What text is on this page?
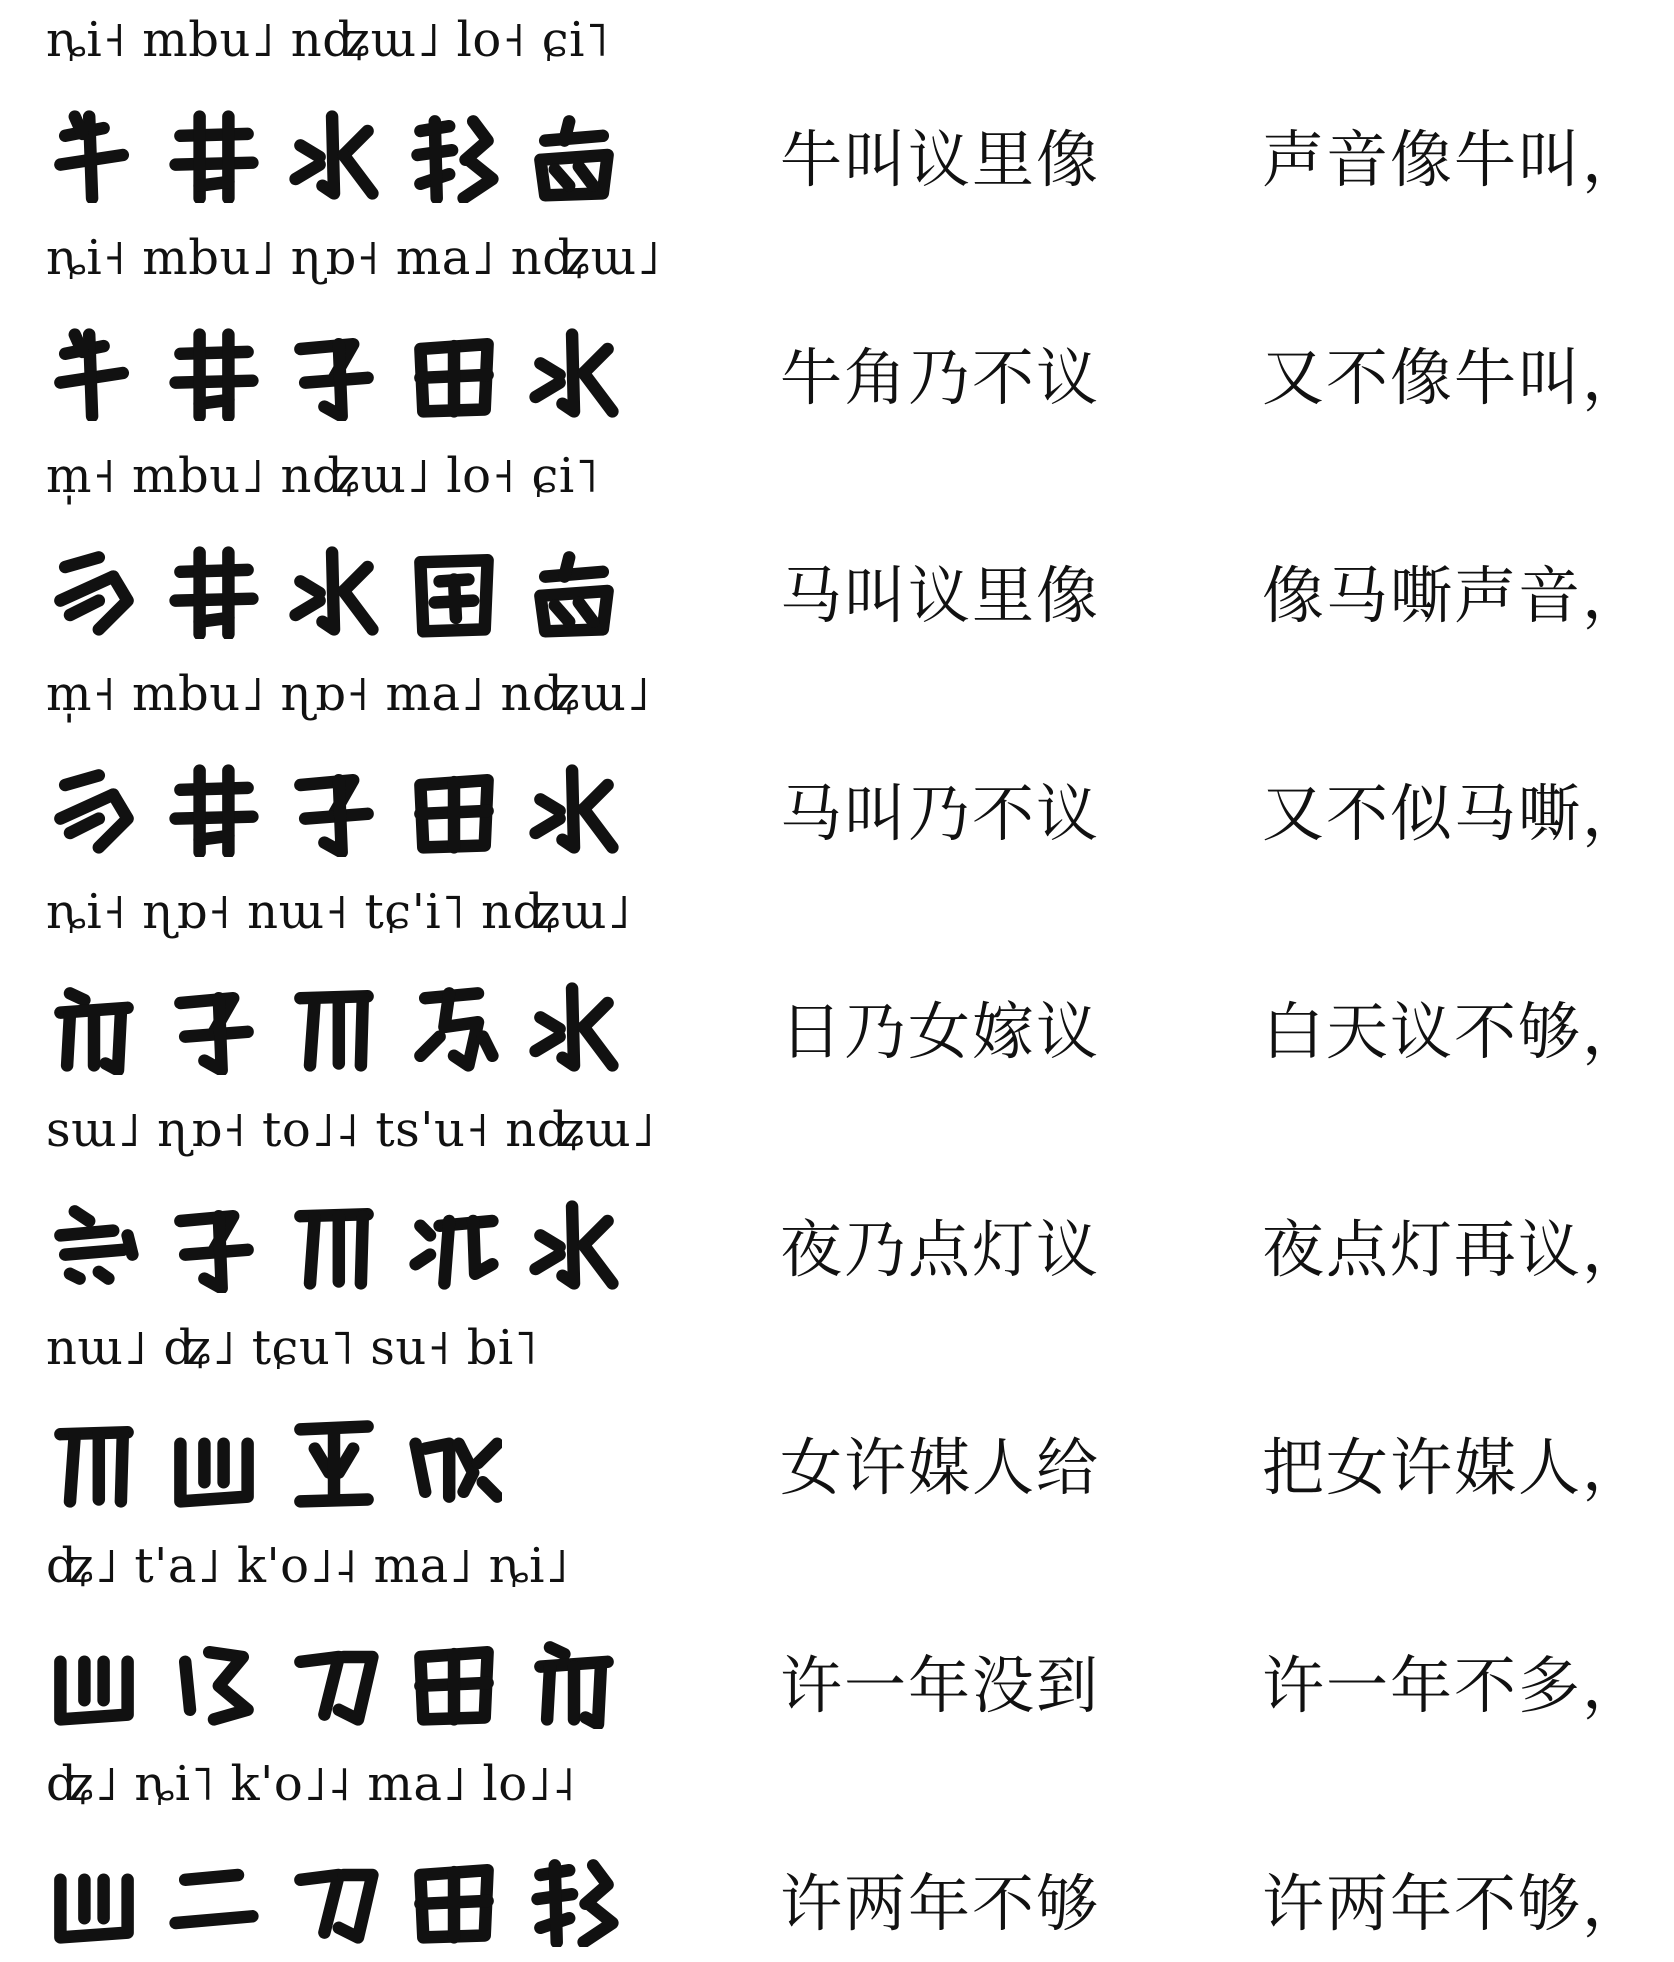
ȵi˧ mbu˩ nʥɯ˩ lo˧ ɕi˥
牛叫议里像	声音像牛叫，
ȵi˧ mbu˩ ɳɒ˧ ma˩ nʥɯ˩
牛角乃不议	又不像牛叫，
m̩˧ mbu˩ nʥɯ˩ lo˧ ɕi˥
马叫议里像	像马嘶声音，
m̩˧ mbu˩ ɳɒ˧ ma˩ nʥɯ˩
马叫乃不议	又不似马嘶，
ȵi˧ ɳɒ˧ nɯ˧ tɕ'i˥ nʥɯ˩
日乃女嫁议	白天议不够，
sɯ˩ ɳɒ˧ to˩˨ ts'u˧ nʥɯ˩
夜乃点灯议	夜点灯再议，
nɯ˩ ʥ˩ tɕu˥ su˧ bi˥
女许媒人给	把女许媒人，
ʥ˩ t'a˩ k'o˩˨ ma˩ ȵi˩
许一年没到	许一年不多，
ʥ˩ ȵi˥ k'o˩˨ ma˩ lo˩˨
许两年不够	许两年不够，
